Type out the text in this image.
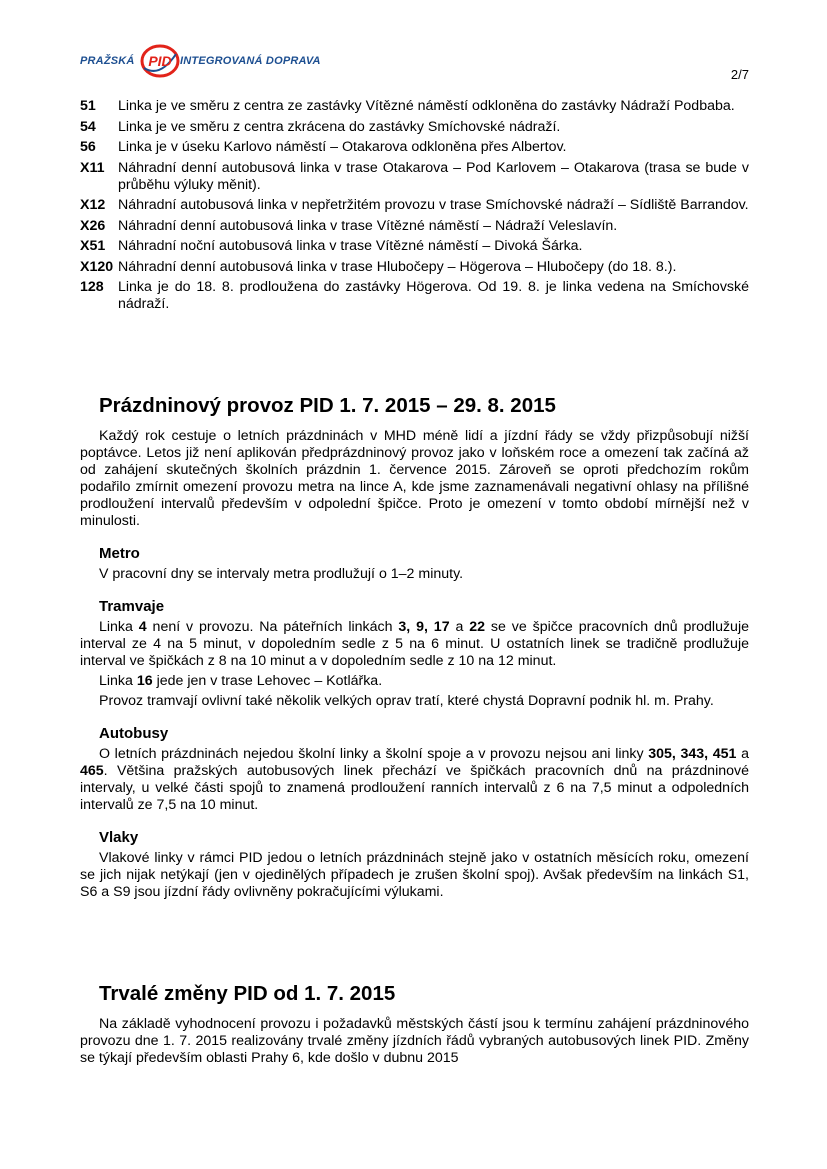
PRAŽSKÁ PID INTEGROVANÁ DOPRAVA
2/7
51	Linka je ve směru z centra ze zastávky Vítězné náměstí odkloněna do zastávky Nádraží Podbaba.
54	Linka je ve směru z centra zkrácena do zastávky Smíchovské nádraží.
56	Linka je v úseku Karlovo náměstí – Otakarova odkloněna přes Albertov.
X11 Náhradní denní autobusová linka v trase Otakarova – Pod Karlovem – Otakarova (trasa se bude v průběhu výluky měnit).
X12 Náhradní autobusová linka v nepřetržitém provozu v trase Smíchovské nádraží – Sídliště Barrandov.
X26 Náhradní denní autobusová linka v trase Vítězné náměstí – Nádraží Veleslavín.
X51 Náhradní noční autobusová linka v trase Vítězné náměstí – Divoká Šárka.
X120 Náhradní denní autobusová linka v trase Hlubočepy – Högerova – Hlubočepy (do 18. 8.).
128	Linka je do 18. 8. prodloužena do zastávky Högerova. Od 19. 8. je linka vedena na Smíchovské nádraží.
Prázdninový provoz PID 1. 7. 2015 – 29. 8. 2015

Každý rok cestuje o letních prázdninách v MHD méně lidí a jízdní řády se vždy přizpůsobují nižší poptávce. Letos již není aplikován předprázdninový provoz jako v loňském roce a omezení tak začíná až od zahájení skutečných školních prázdnin 1. července 2015. Zároveň se oproti předchozím rokům podařilo zmírnit omezení provozu metra na lince A, kde jsme zaznamenávali negativní ohlasy na přílišné prodloužení intervalů především v odpolední špičce. Proto je omezení v tomto období mírnější než v minulosti.

Metro

V pracovní dny se intervaly metra prodlužují o 1–2 minuty.

Tramvaje

Linka 4 není v provozu. Na páteřních linkách 3, 9, 17 a 22 se ve špičce pracovních dnů prodlužuje interval ze 4 na 5 minut, v dopoledním sedle z 5 na 6 minut. U ostatních linek se tradičně prodlužuje interval ve špičkách z 8 na 10 minut a v dopoledním sedle z 10 na 12 minut.

Linka 16 jede jen v trase Lehovec – Kotlářka.

Provoz tramvají ovlivní také několik velkých oprav tratí, které chystá Dopravní podnik hl. m. Prahy.

Autobusy

O letních prázdninách nejedou školní linky a školní spoje a v provozu nejsou ani linky 305, 343, 451 a 465. Většina pražských autobusových linek přechází ve špičkách pracovních dnů na prázdninové intervaly, u velké části spojů to znamená prodloužení ranních intervalů z 6 na 7,5 minut a odpoledních intervalů ze 7,5 na 10 minut.

Vlaky

Vlakové linky v rámci PID jedou o letních prázdninách stejně jako v ostatních měsících roku, omezení se jich nijak netýkají (jen v ojedinělých případech je zrušen školní spoj). Avšak především na linkách S1, S6 a S9 jsou jízdní řády ovlivněny pokračujícími výlukami.

Trvalé změny PID od 1. 7. 2015

Na základě vyhodnocení provozu i požadavků městských částí jsou k termínu zahájení prázdninového provozu dne 1. 7. 2015 realizovány trvalé změny jízdních řádů vybraných autobusových linek PID. Změny se týkají především oblasti Prahy 6, kde došlo v dubnu 2015
